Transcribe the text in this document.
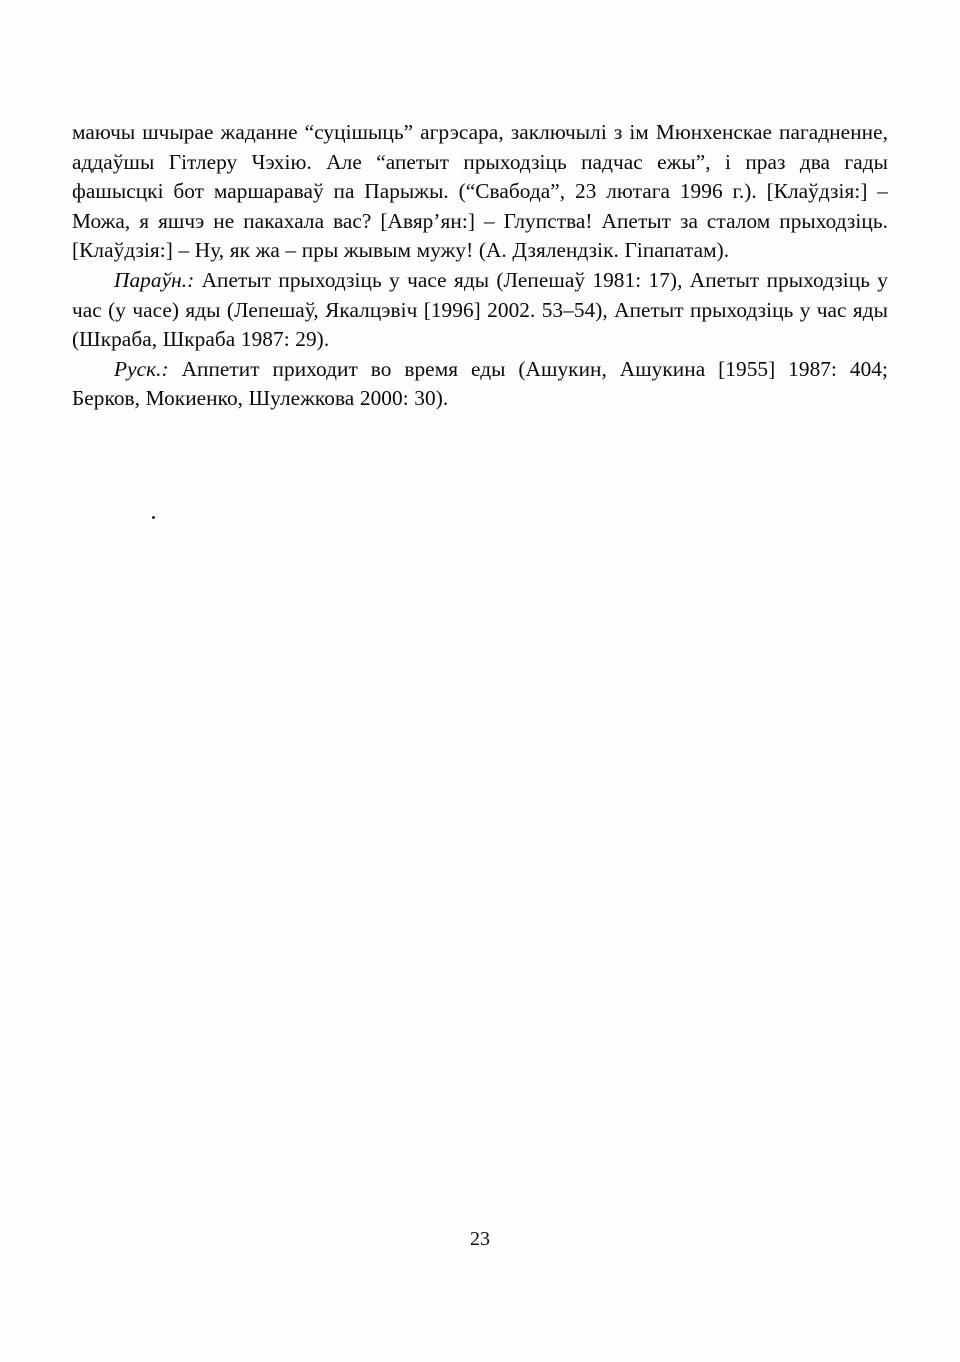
маючы шчырае жаданне “суцішыць” агрэсара, заключылі з ім Мюнхенскае пагадненне, аддаўшы Гітлеру Чэхію. Але “апетыт прыходзіць падчас ежы”, і праз два гады фашысцкі бот маршараваў па Парыжы. (“Свабода”, 23 лютага 1996 г.). [Клаўдзія:] – Можа, я яшчэ не пакахала вас? [Авяр’ян:] – Глупства! Апетыт за сталом прыходзіць. [Клаўдзія:] – Ну, як жа – пры жывым мужу! (А. Дзялендзік. Гіпапатам).

Параўн.: Апетыт прыходзіць у часе яды (Лепешаў 1981: 17), Апетыт прыходзіць у час (у часе) яды (Лепешаў, Якалцэвіч [1996] 2002. 53–54), Апетыт прыходзіць у час яды (Шкраба, Шкраба 1987: 29).

Руск.: Аппетит приходит во время еды (Ашукин, Ашукина [1955] 1987: 404; Берков, Мокиенко, Шулежкова 2000: 30).

23
